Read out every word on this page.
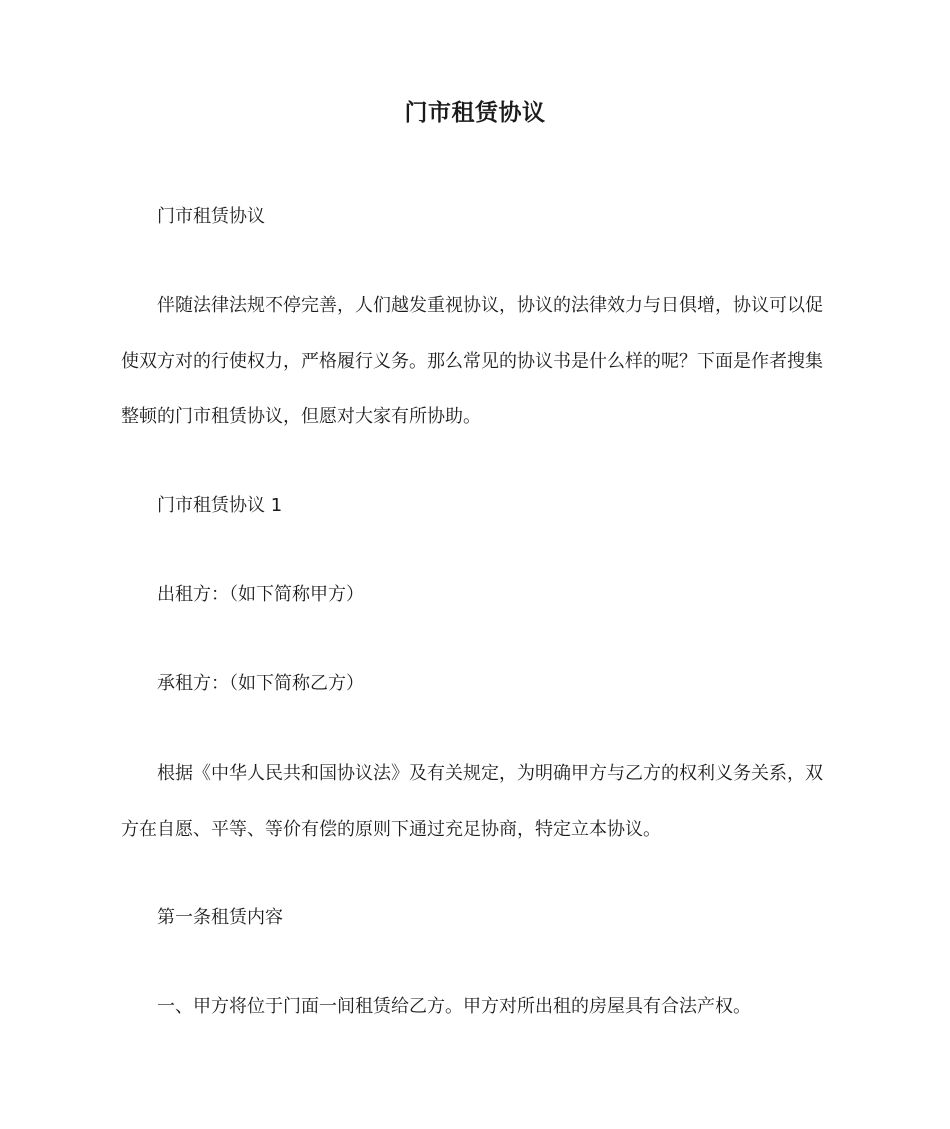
门市租赁协议

门市租赁协议

伴随法律法规不停完善，人们越发重视协议，协议的法律效力与日俱增，协议可以促使双方对的行使权力，严格履行义务。那么常见的协议书是什么样的呢？下面是作者搜集整顿的门市租赁协议，但愿对大家有所协助。

门市租赁协议 1

出租方：（如下简称甲方）

承租方：（如下简称乙方）

根据《中华人民共和国协议法》及有关规定，为明确甲方与乙方的权利义务关系，双方在自愿、平等、等价有偿的原则下通过充足协商，特定立本协议。

第一条租赁内容

一、甲方将位于门面一间租赁给乙方。甲方对所出租的房屋具有合法产权。
